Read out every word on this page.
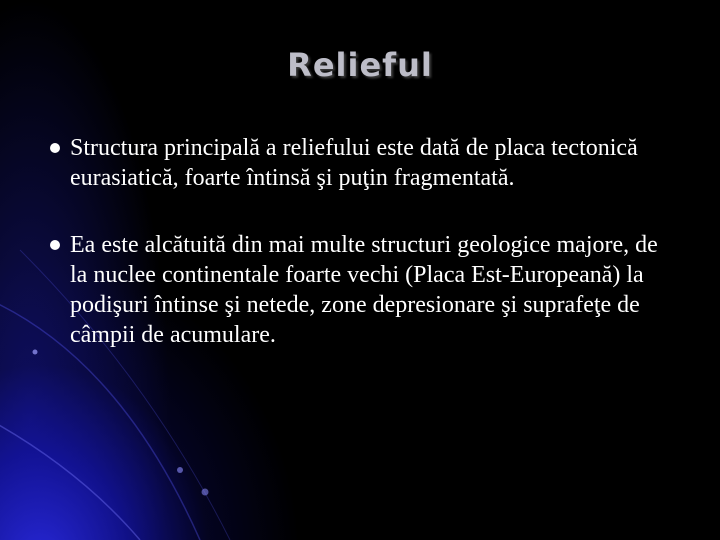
Relieful
Structura principală a reliefului este dată de placa tectonică eurasiatică, foarte întinsă şi puţin fragmentată.
Ea este alcătuită din mai multe structuri geologice majore, de la nuclee continentale foarte vechi (Placa Est-Europeană) la podişuri întinse şi netede, zone depresionare şi suprafeţe de câmpii de acumulare.
